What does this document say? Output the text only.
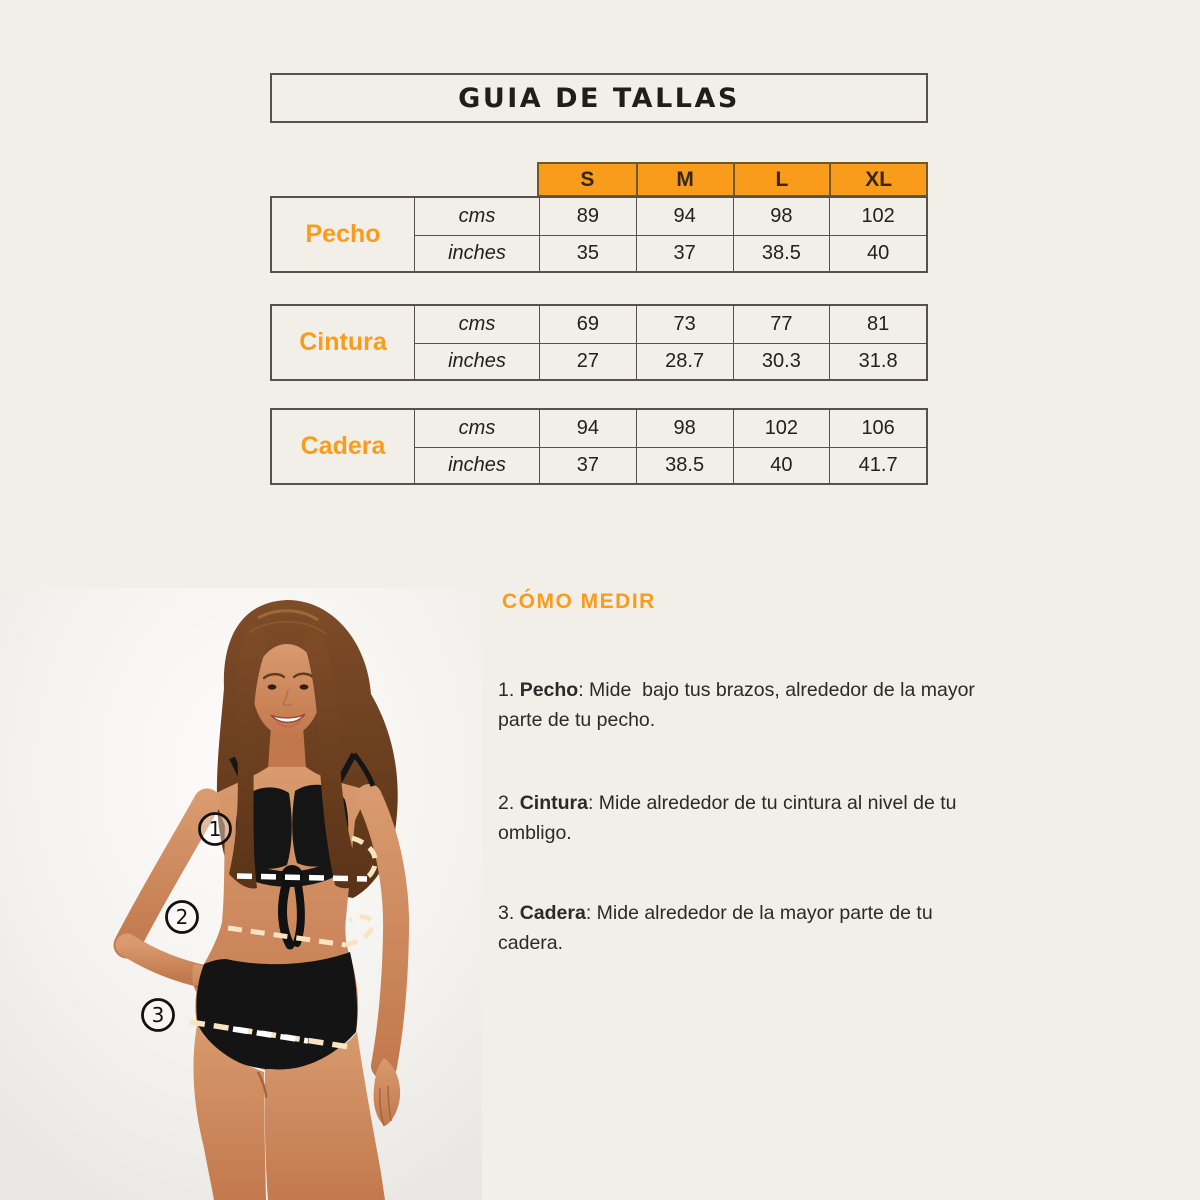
GUIA DE TALLAS
S	M	L	XL
Pecho
cms	89	94	98	102
inches	35	37	38.5	40
Cintura
cms	69	73	77	81
inches	27	28.7	30.3	31.8
Cadera
cms	94	98	102	106
inches	37	38.5	40	41.7
CÓMO MEDIR
1. Pecho: Mide  bajo tus brazos, alrededor de la mayor parte de tu pecho.
2. Cintura: Mide alrededor de tu cintura al nivel de tu ombligo.
3. Cadera: Mide alrededor de la mayor parte de tu cadera.
1
2
3
